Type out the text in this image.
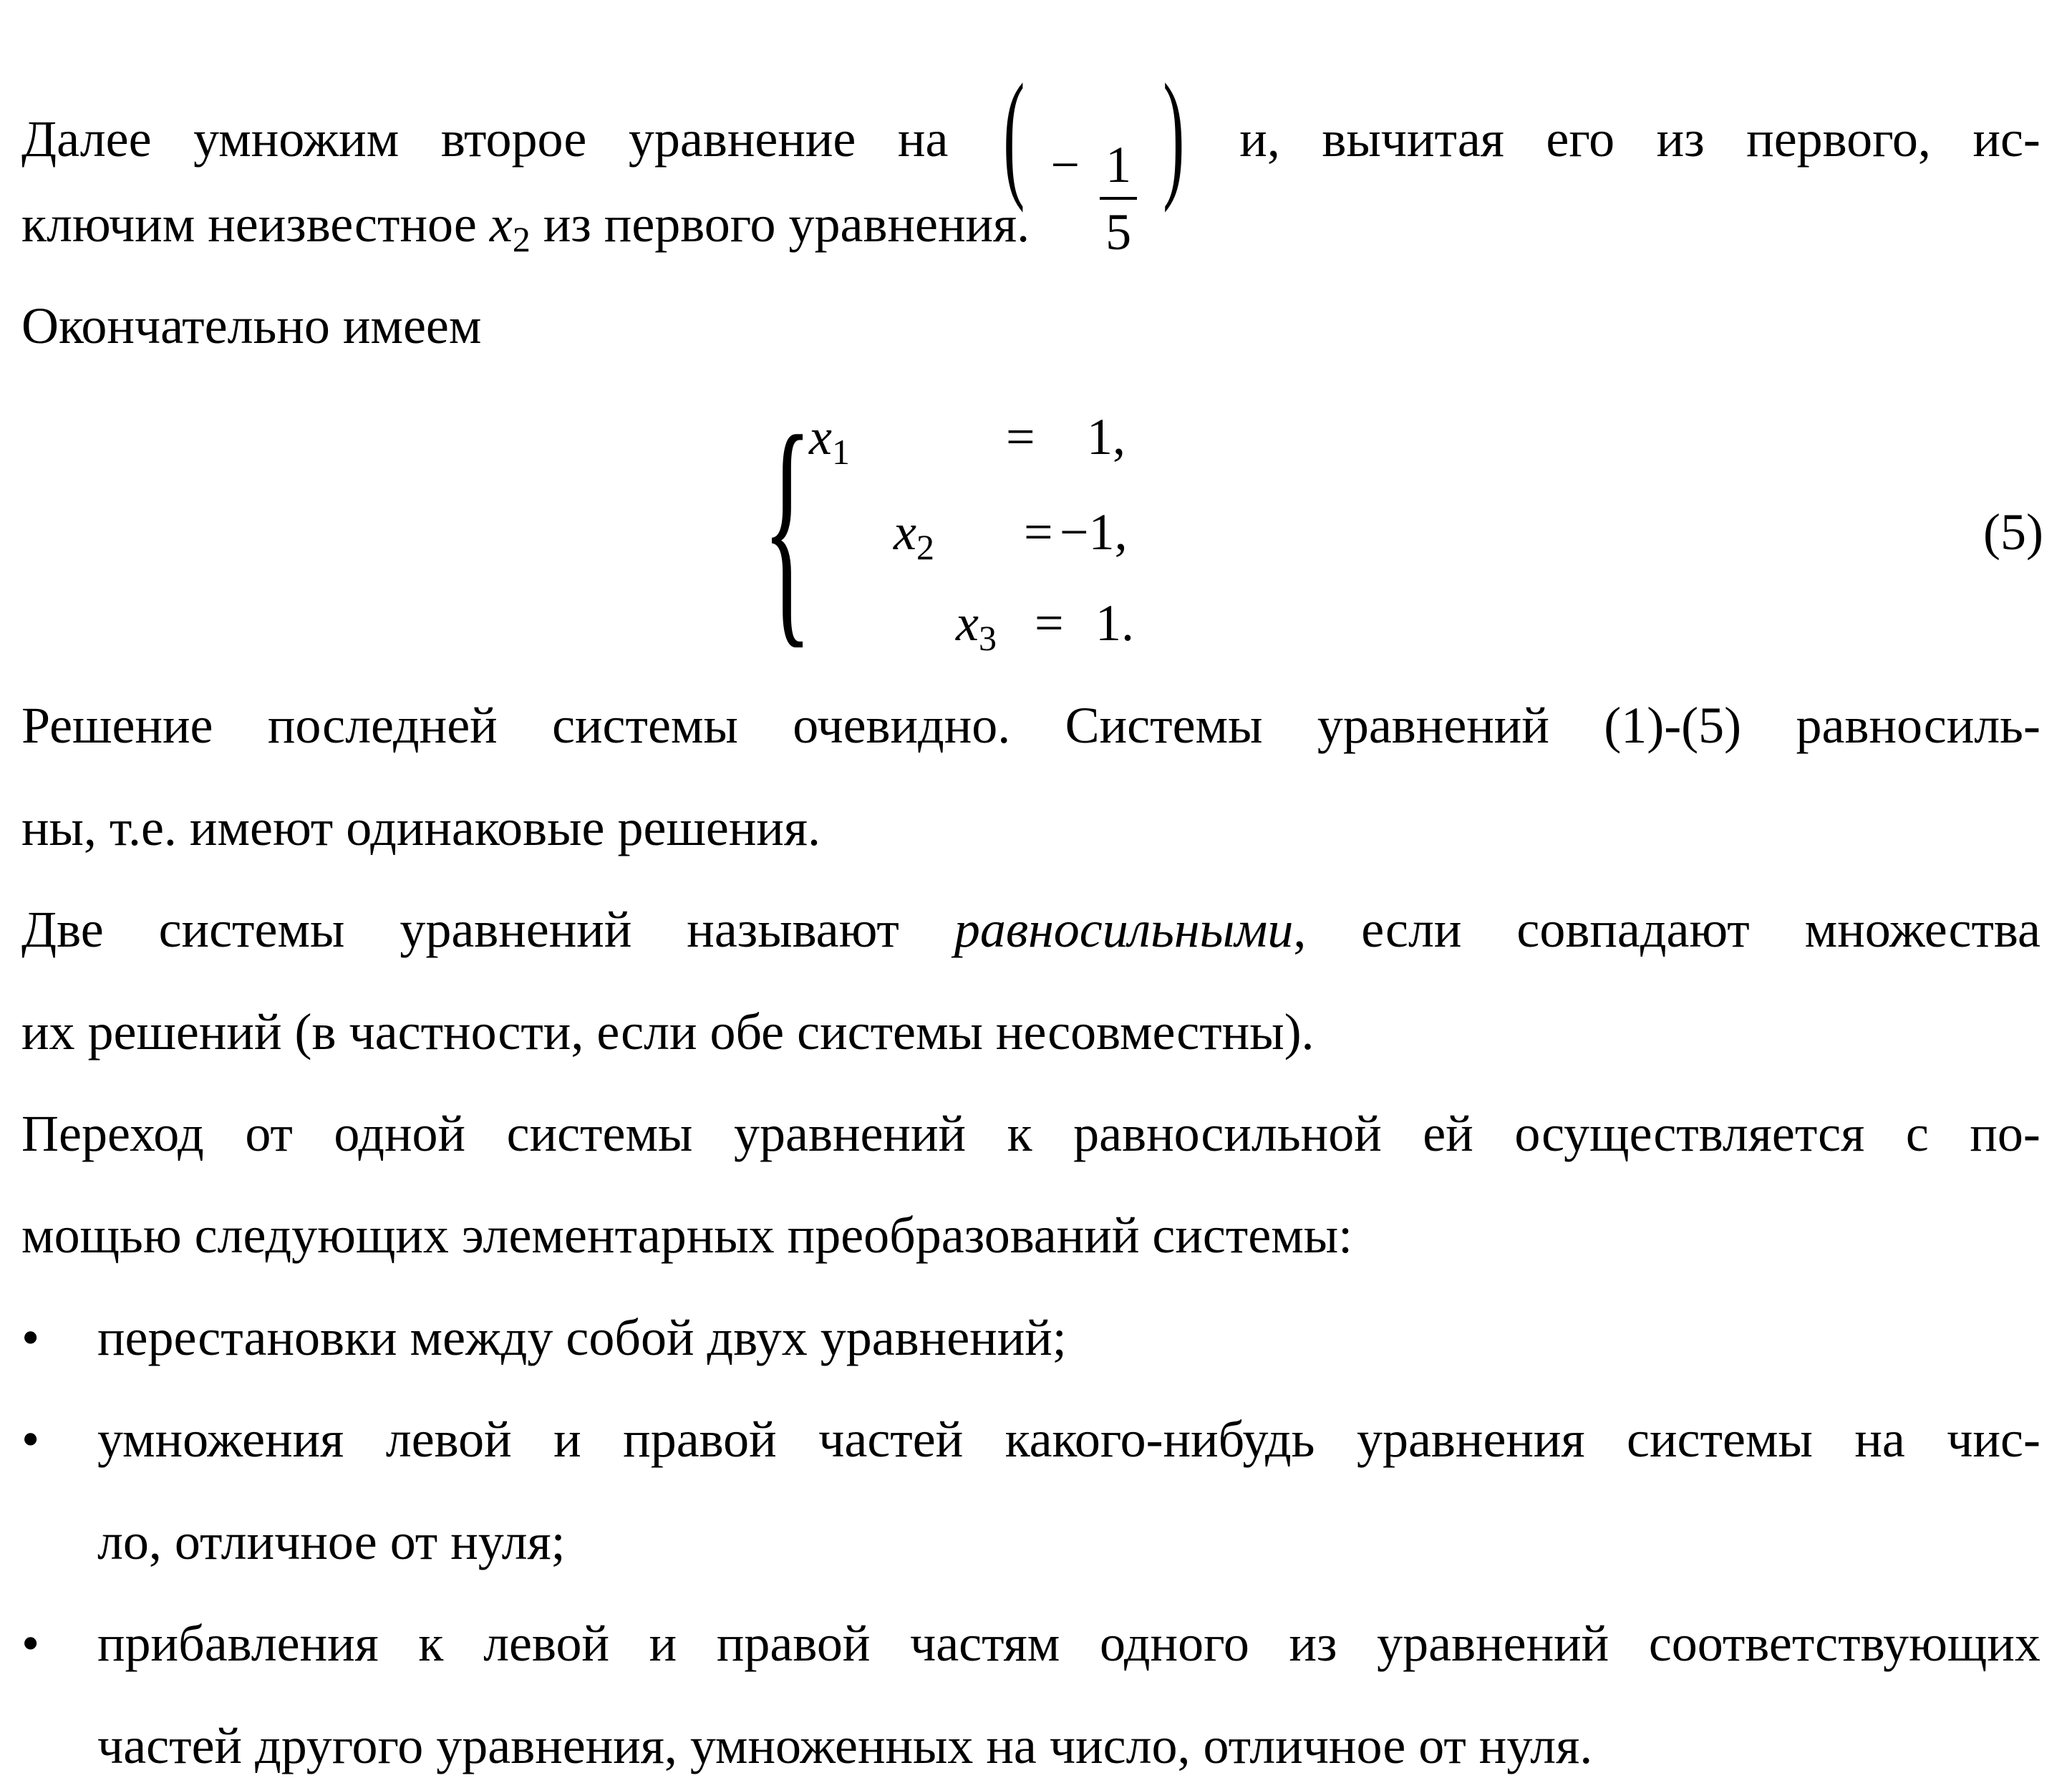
Далее умножим второе уравнение на ( − $\frac{1}{5}$ ) и, вычитая его из первого, ис-
ключим неизвестное $x_2$ из первого уравнения.
Окончательно имеем
{
$x_1$	= 1,
$x_2 = -1$,
$x_3 = 1$.
(5)
Решение последней системы очевидно. Системы уравнений (1)-(5) равносиль-
ны, т.е. имеют одинаковые решения.
Две системы уравнений называют равносильными, если совпадают множества
их решений (в частности, если обе системы несовместны).
Переход от одной системы уравнений к равносильной ей осуществляется с по-
мощью следующих элементарных преобразований системы:
• перестановки между собой двух уравнений;
• умножения левой и правой частей какого-нибудь уравнения системы на чис-
ло, отличное от нуля;
• прибавления к левой и правой частям одного из уравнений соответствующих
частей другого уравнения, умноженных на число, отличное от нуля.
